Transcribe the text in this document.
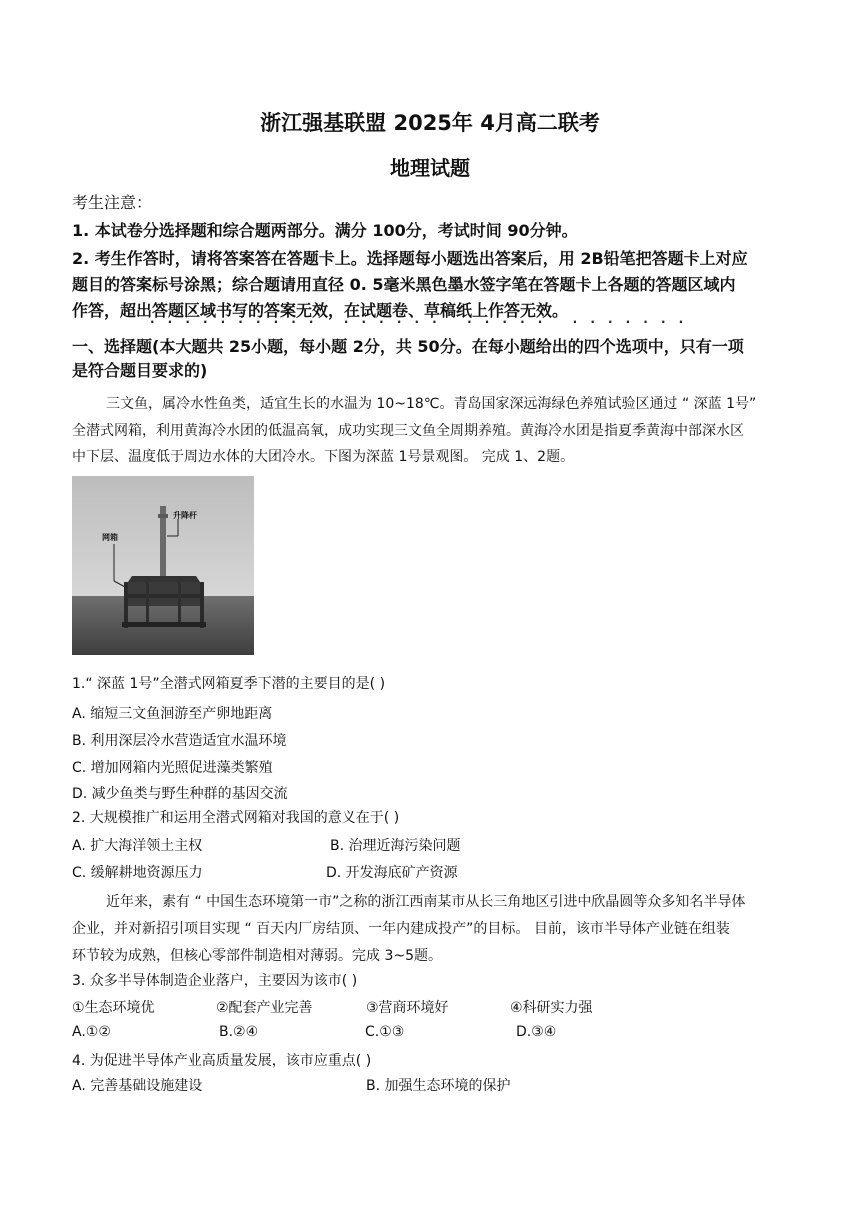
浙江强基联盟 2025年 4月高二联考
地理试题
考生注意：
1. 本试卷分选择题和综合题两部分。满分 100分，考试时间 90分钟。
2. 考生作答时，请将答案答在答题卡上。选择题每小题选出答案后，用 2B铅笔把答题卡上对应
题目的答案标号涂黑；综合题请用直径 0. 5毫米黑色墨水签字笔在答题卡上各题的答题区域内
作答，超出答题区域书写的答案无效，在试题卷、草稿纸上作答无效。
·········· ······ ····· ·······
一、选择题(本大题共 25小题，每小题 2分，共 50分。在每小题给出的四个选项中，只有一项
是符合题目要求的)
三文鱼，属冷水性鱼类，适宜生长的水温为 10~18℃。青岛国家深远海绿色养殖试验区通过 “ 深蓝 1号”
全潜式网箱，利用黄海冷水团的低温高氧，成功实现三文鱼全周期养殖。黄海冷水团是指夏季黄海中部深水区
中下层、温度低于周边水体的大团冷水。下图为深蓝 1号景观图。 完成 1、2题。
升降杆
网箱
1.“ 深蓝 1号”全潜式网箱夏季下潜的主要目的是( )
A. 缩短三文鱼洄游至产卵地距离
B. 利用深层冷水营造适宜水温环境
C. 增加网箱内光照促进藻类繁殖
D. 减少鱼类与野生种群的基因交流
2. 大规模推广和运用全潜式网箱对我国的意义在于( )
A. 扩大海洋领土主权	B. 治理近海污染问题
C. 缓解耕地资源压力	D. 开发海底矿产资源
近年来，素有 “ 中国生态环境第一市”之称的浙江西南某市从长三角地区引进中欣晶圆等众多知名半导体
企业，并对新招引项目实现 “ 百天内厂房结顶、一年内建成投产”的目标。 目前，该市半导体产业链在组装
环节较为成熟，但核心零部件制造相对薄弱。完成 3~5题。
3. 众多半导体制造企业落户，主要因为该市( )
①生态环境优	②配套产业完善	③营商环境好	④科研实力强
A.①②	B.②④	C.①③	D.③④
4. 为促进半导体产业高质量发展，该市应重点( )
A. 完善基础设施建设	B. 加强生态环境的保护
